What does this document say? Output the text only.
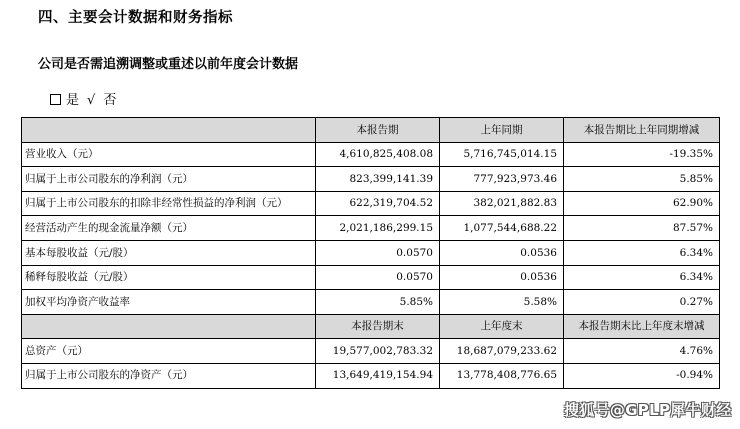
四、主要会计数据和财务指标
公司是否需追溯调整或重述以前年度会计数据
是 √ 否
	本报告期	上年同期	本报告期比上年同期增减
营业收入（元）	4,610,825,408.08	5,716,745,014.15	-19.35%
归属于上市公司股东的净利润（元）	823,399,141.39	777,923,973.46	5.85%
归属于上市公司股东的扣除非经常性损益的净利润（元）	622,319,704.52	382,021,882.83	62.90%
经营活动产生的现金流量净额（元）	2,021,186,299.15	1,077,544,688.22	87.57%
基本每股收益（元/股）	0.0570	0.0536	6.34%
稀释每股收益（元/股）	0.0570	0.0536	6.34%
加权平均净资产收益率	5.85%	5.58%	0.27%
	本报告期末	上年度末	本报告期末比上年度末增减
总资产（元）	19,577,002,783.32	18,687,079,233.62	4.76%
归属于上市公司股东的净资产（元）	13,649,419,154.94	13,778,408,776.65	-0.94%
搜狐号@GPLP犀牛财经
